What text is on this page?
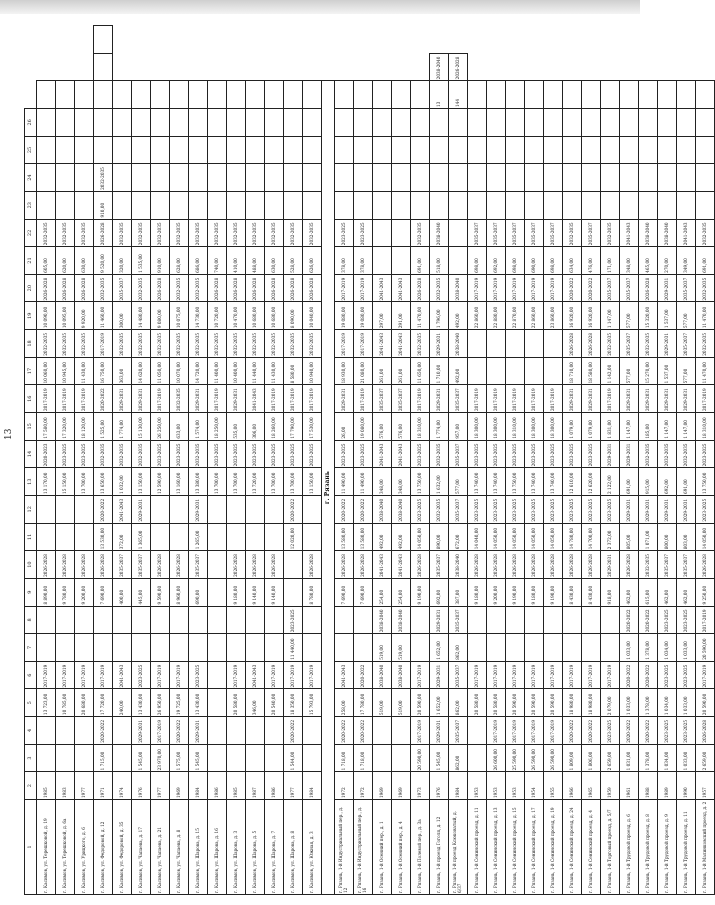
13
1	2	3	4	5	6	7	8	9	10	11	12	13	14	15	16	17	18	19	20	21	22	23	24	25	26			
г. Касимов, ул. Терешковой, д. 19	1985			13 723,00	2017-2019			8 890,00	2026-2028			13 170,00	2020-2023	17 580,00	2017-2019	10 060,00	2032-2035	10 090,00	2026-2028	605,00	2032-2035							
г. Касимов, ул. Терешковой, д. 6а	1983			10 785,00	2017-2019			9 780,00	2026-2028			15 150,00	2023-2025	17 320,00	2017-2019	10 945,00	2032-2035	10 095,00	2026-2028	620,00	2032-2035							
г. Касимов, ул. Урицкого, д. 6	1977			20 680,00	2017-2019			9 200,00	2026-2028			13 700,00	2023-2025	18 120,00	2017-2019	11 430,00	2032-2035	9 920,00	2026-2028	630,00	2032-2035							
г. Касимов, ул. Федоровой, д. 12	1971	1 715,00	2020-2022	17 720,00	2017-2019			7 690,00	2026-2028	13 530,00	2020-2022	13 650,00	2032-2035	1 525,00	2020-2022	16 750,00	2017-2019	11 460,00	2032-2035	9 520,00	2026-2028	910,00	2032-2035					
г. Касимов, ул. Федоровой, д. 35	1974			240,00	2041-2043			400,00	2035-2037	372,00	2041-2043	1 032,00	2032-2035	1 774,00	2029-2031	363,00	2032-2035	300,00	2035-2037	320,00	2032-2035							
г. Касимов, ул. Чапаева, д. 17	1976	1 545,00	2029-2031	13 430,00	2023-2025			445,00	2035-2037	1 365,00	2029-2031	13 150,00	2032-2035	15 130,00	2029-2031	14 620,00	2032-2035	14 480,00	2032-2035	1 535,00	2032-2035							
г. Касимов, ул. Чапаева, д. 21	1977	23 970,00	2017-2019	26 950,00	2017-2019			9 590,00	2026-2028			12 590,00	2023-2025	26 250,00	2017-2019	11 050,00	2032-2035	9 080,00	2026-2028	910,00	2032-2035							
г. Касимов, ул. Чапаева, д. 8	1969	1 575,00	2020-2022	19 725,00	2017-2019			8 960,00	2026-2028			13 160,00	2023-2025	633,00	2032-2035	10 070,00	2032-2035	10 075,00	2032-2035	628,00	2032-2035							
г. Касимов, ул. Шарова, д. 15	1984	1 545,00	2029-2031	13 430,00	2023-2025			690,00	2035-2037	1 265,00	2029-2031	13 380,00	2032-2035	1 574,00	2029-2031	14 720,00	2032-2035	14 730,00	2032-2035	686,00	2032-2035							
г. Касимов, ул. Шарова, д. 16	1986											13 700,00	2023-2025	18 250,00	2017-2019	11 400,00	2032-2035	10 720,00	2026-2028	740,00	2032-2035							
г. Касимов, ул. Шарова, д. 3	1985			20 580,00	2017-2019			9 180,00	2026-2028			13 700,00	2023-2025	535,00	2029-2031	10 400,00	2032-2035	10 470,00	2026-2028	410,00	2032-2035							
г. Касимов, ул. Шарова, д. 5	1987			346,00	2041-2043			9 140,00	2026-2028			13 720,00	2023-2025	306,00	2041-2043	11 440,00	2032-2035	10 680,00	2026-2028	488,00	2032-2035							
г. Касимов, ул. Шарова, д. 7	1986			20 540,00	2017-2019			9 140,00	2026-2028			13 700,00	2023-2025	18 260,00	2017-2019	11 430,00	2032-2035	10 680,00	2026-2028	630,00	2032-2035							
г. Касимов, ул. Шарова, д. 8	1977	1 544,00	2020-2022	18 350,00	2017-2019	11 440,00	2023-2025			12 020,00	2020-2022	13 700,00	2023-2025	17 790,00	2017-2019	8 580,00	2032-2035	8 090,00	2026-2028	528,00	2032-2035							
г. Касимов, ул. Южная, д. 3	1984			15 793,00	2017-2019			8 780,00	2026-2028			13 150,00	2023-2025	17 530,00	2017-2019	10 940,00	2032-2035	10 040,00	2026-2028	626,00	2032-2035							
г. Рязань																												
г. Рязань, 1-й Индустриальный пер., д. 12	1972	1 718,00	2020-2022	258,00	2041-2043			7 690,00	2026-2028	13 580,00	2020-2022	11 490,00	2023-2025	26,00	2029-2031	18 930,00	2017-2019	19 080,00	2017-2019	378,00	2023-2025							
г. Рязань, 1-й Индустриальный пер., д. 16	1972	1 718,00	2020-2022	17 780,00	2020-2022			7 690,00	2026-2028	13 580,00	2020-2022	11 490,00	2023-2025	19 080,00	2017-2019	21 080,00	2017-2019	19 080,00	2017-2019	378,00	2023-2025							
г. Рязань, 1-й Осенний пер., д. 1	1969			519,00	2038-2040	519,00	2038-2040	254,00	2041-2043	492,00	2038-2040	348,00	2041-2043	576,00	2035-2037	261,00	2041-2043	297,00	2041-2043									
г. Рязань, 1-й Осенний пер., д. 4	1969			519,00	2038-2040	519,00	2038-2040	254,00	2041-2043	492,00	2038-2040	348,00	2041-2043	576,00	2035-2037	261,00	2041-2043	291,00	2041-2043									
г. Рязань, 1-й Полевой пер., д. 3а	1973	20 590,00	2017-2019	20 590,00	2017-2019			9 190,00	2026-2028	14 050,00	2023-2025	13 750,00	2023-2025	18 310,00	2017-2019	11 650,00	2032-2035	11 470,00	2026-2028	691,00	2032-2035							
г. Рязань, 1-й проезд Гоголя, д. 12	1976	1 545,00	2029-2031	1 652,00	2029-2031	1 652,00	2029-2031	692,00	2035-2037	890,00	2032-2035	1 632,00	2032-2035	1 774,00	2029-2031	1 710,00	2029-2031	1 796,00	2032-2035	518,00	2038-2040					13	2038-2040	
г. Рязань, 1-й проезд Ксюковатый, д. 6/37	1984	862,00	2035-2037	862,00	2035-2037	862,00	2035-2037	387,00	2038-2040	672,00	2035-2037	577,00	2035-2037	957,00	2035-2037	492,00	2038-2040	492,00	2038-2040							144	2026-2028	
г. Рязань, 1-й Сенинский проезд, д. 11	1953			20 580,00	2017-2019			9 180,00	2026-2028	14 040,00	2023-2025	13 740,00	2023-2025	18 300,00	2017-2019			22 860,00	2017-2019	698,00	2035-2037							
г. Рязань, 1-й Сенинский проезд, д. 13	1953	26 600,00	2017-2019	20 580,00	2017-2019			9 200,00	2026-2028	14 050,00	2023-2025	13 740,00	2023-2025	18 300,00	2017-2019			22 880,00	2017-2019	692,00	2035-2037							
г. Рязань, 1-й Сенинский проезд, д. 15	1953	25 590,00	2017-2019	20 590,00	2017-2019			9 190,00	2026-2028	14 050,00	2023-2025	13 750,00	2023-2025	18 310,00	2017-2019			22 870,00	2017-2019	698,00	2035-2037							
г. Рязань, 1-й Сенинский проезд, д. 17	1954	26 590,00	2017-2019	20 590,00	2017-2019			9 180,00	2026-2028	14 050,00	2023-2025	13 740,00	2023-2025	18 300,00	2017-2019			22 860,00	2017-2019	690,00	2035-2037							
г. Рязань, 1-й Сенинский проезд, д. 19	1955	26 590,00	2017-2019	20 590,00	2017-2019			9 190,00	2026-2028	14 050,00	2023-2025	13 740,00	2023-2025	18 300,00	2017-2019			23 860,00	2017-2019	698,00	2035-2037							
г. Рязань, 1-й Сенинский проезд, д. 24	1966	1 809,00	2020-2022	18 980,00	2017-2019			8 430,00	2026-2028	14 780,00	2023-2025	12 610,00	2023-2025	1 079,00	2029-2031	18 710,00	2026-2028	16 920,00	2020-2022	634,00	2032-2035							
г. Рязань, 1-й Сенинский проезд, д. 4	1965	1 806,00	2020-2022	18 980,00	2017-2019			8 430,00	2026-2028	14 700,00	2023-2025	12 620,00	2023-2025	1 079,00	2029-2031	18 580,00	2026-2028	16 920,00	2020-2022	476,00	2035-2037							
г. Рязань, 1-й Торговый проезд, д. 5/7	1959	2 659,00	2023-2025	2 079,00	2017-2019			918,00	2029-2031	2 372,00	2023-2025	2 122,00	2029-2031	1 831,00	2017-2019	1 142,00	2032-2035	1 147,00	2035-2037	171,00	2032-2035							
г. Рязань, 1-й Трудовой проезд, д. 6	1961	1 031,00	2020-2022	1 033,00	2020-2022	1 033,00	2020-2022	462,00	2026-2028	805,00	2029-2031	691,00	2029-2031	1 147,00	2029-2031	577,00	2035-2037	577,00	2035-2037	348,00	2041-2043							
г. Рязань, 1-й Трудовой проезд, д. 8	1988	1 378,00	2020-2022	1 378,00	2020-2022	1 378,00	2020-2022	615,00	2032-2035	1 071,00	2029-2031	915,00	2032-2035	185,00	2029-2031	15 270,00	2032-2035	15 320,00	2026-2028	465,00	2038-2040							
г. Рязань, 1-й Трудовой проезд, д. 9	1989	1 034,00	2023-2025	1 034,00	2023-2025	1 034,00	2023-2025	462,00	2035-2037	800,00	2029-2031	692,00	2032-2035	1 147,00	2029-2031	1 537,00	2029-2031	1 537,00	2029-2031	270,00	2038-2040							
г. Рязань, 1-й Трудовой проезд, д. 11	1990	1 033,00	2023-2025	1 033,00	2023-2025	1 033,00	2023-2025	462,00	2035-2037	803,00	2029-2031	691,00	2032-2035	1 147,00	2029-2031	577,00	2035-2037	577,00	2035-2037	349,00	2041-2043							
г. Рязань, 1-й Малинковский проезд, д. 2	1957	2 659,00	2026-2028	20 590,00	2017-2019	20 590,00	2017-2019	9 250,00	2026-2028	14 050,00	2023-2025	13 750,00	2023-2025	18 310,00	2017-2019	11 470,00	2032-2035	11 470,00	2032-2035	691,00	2032-2035							
